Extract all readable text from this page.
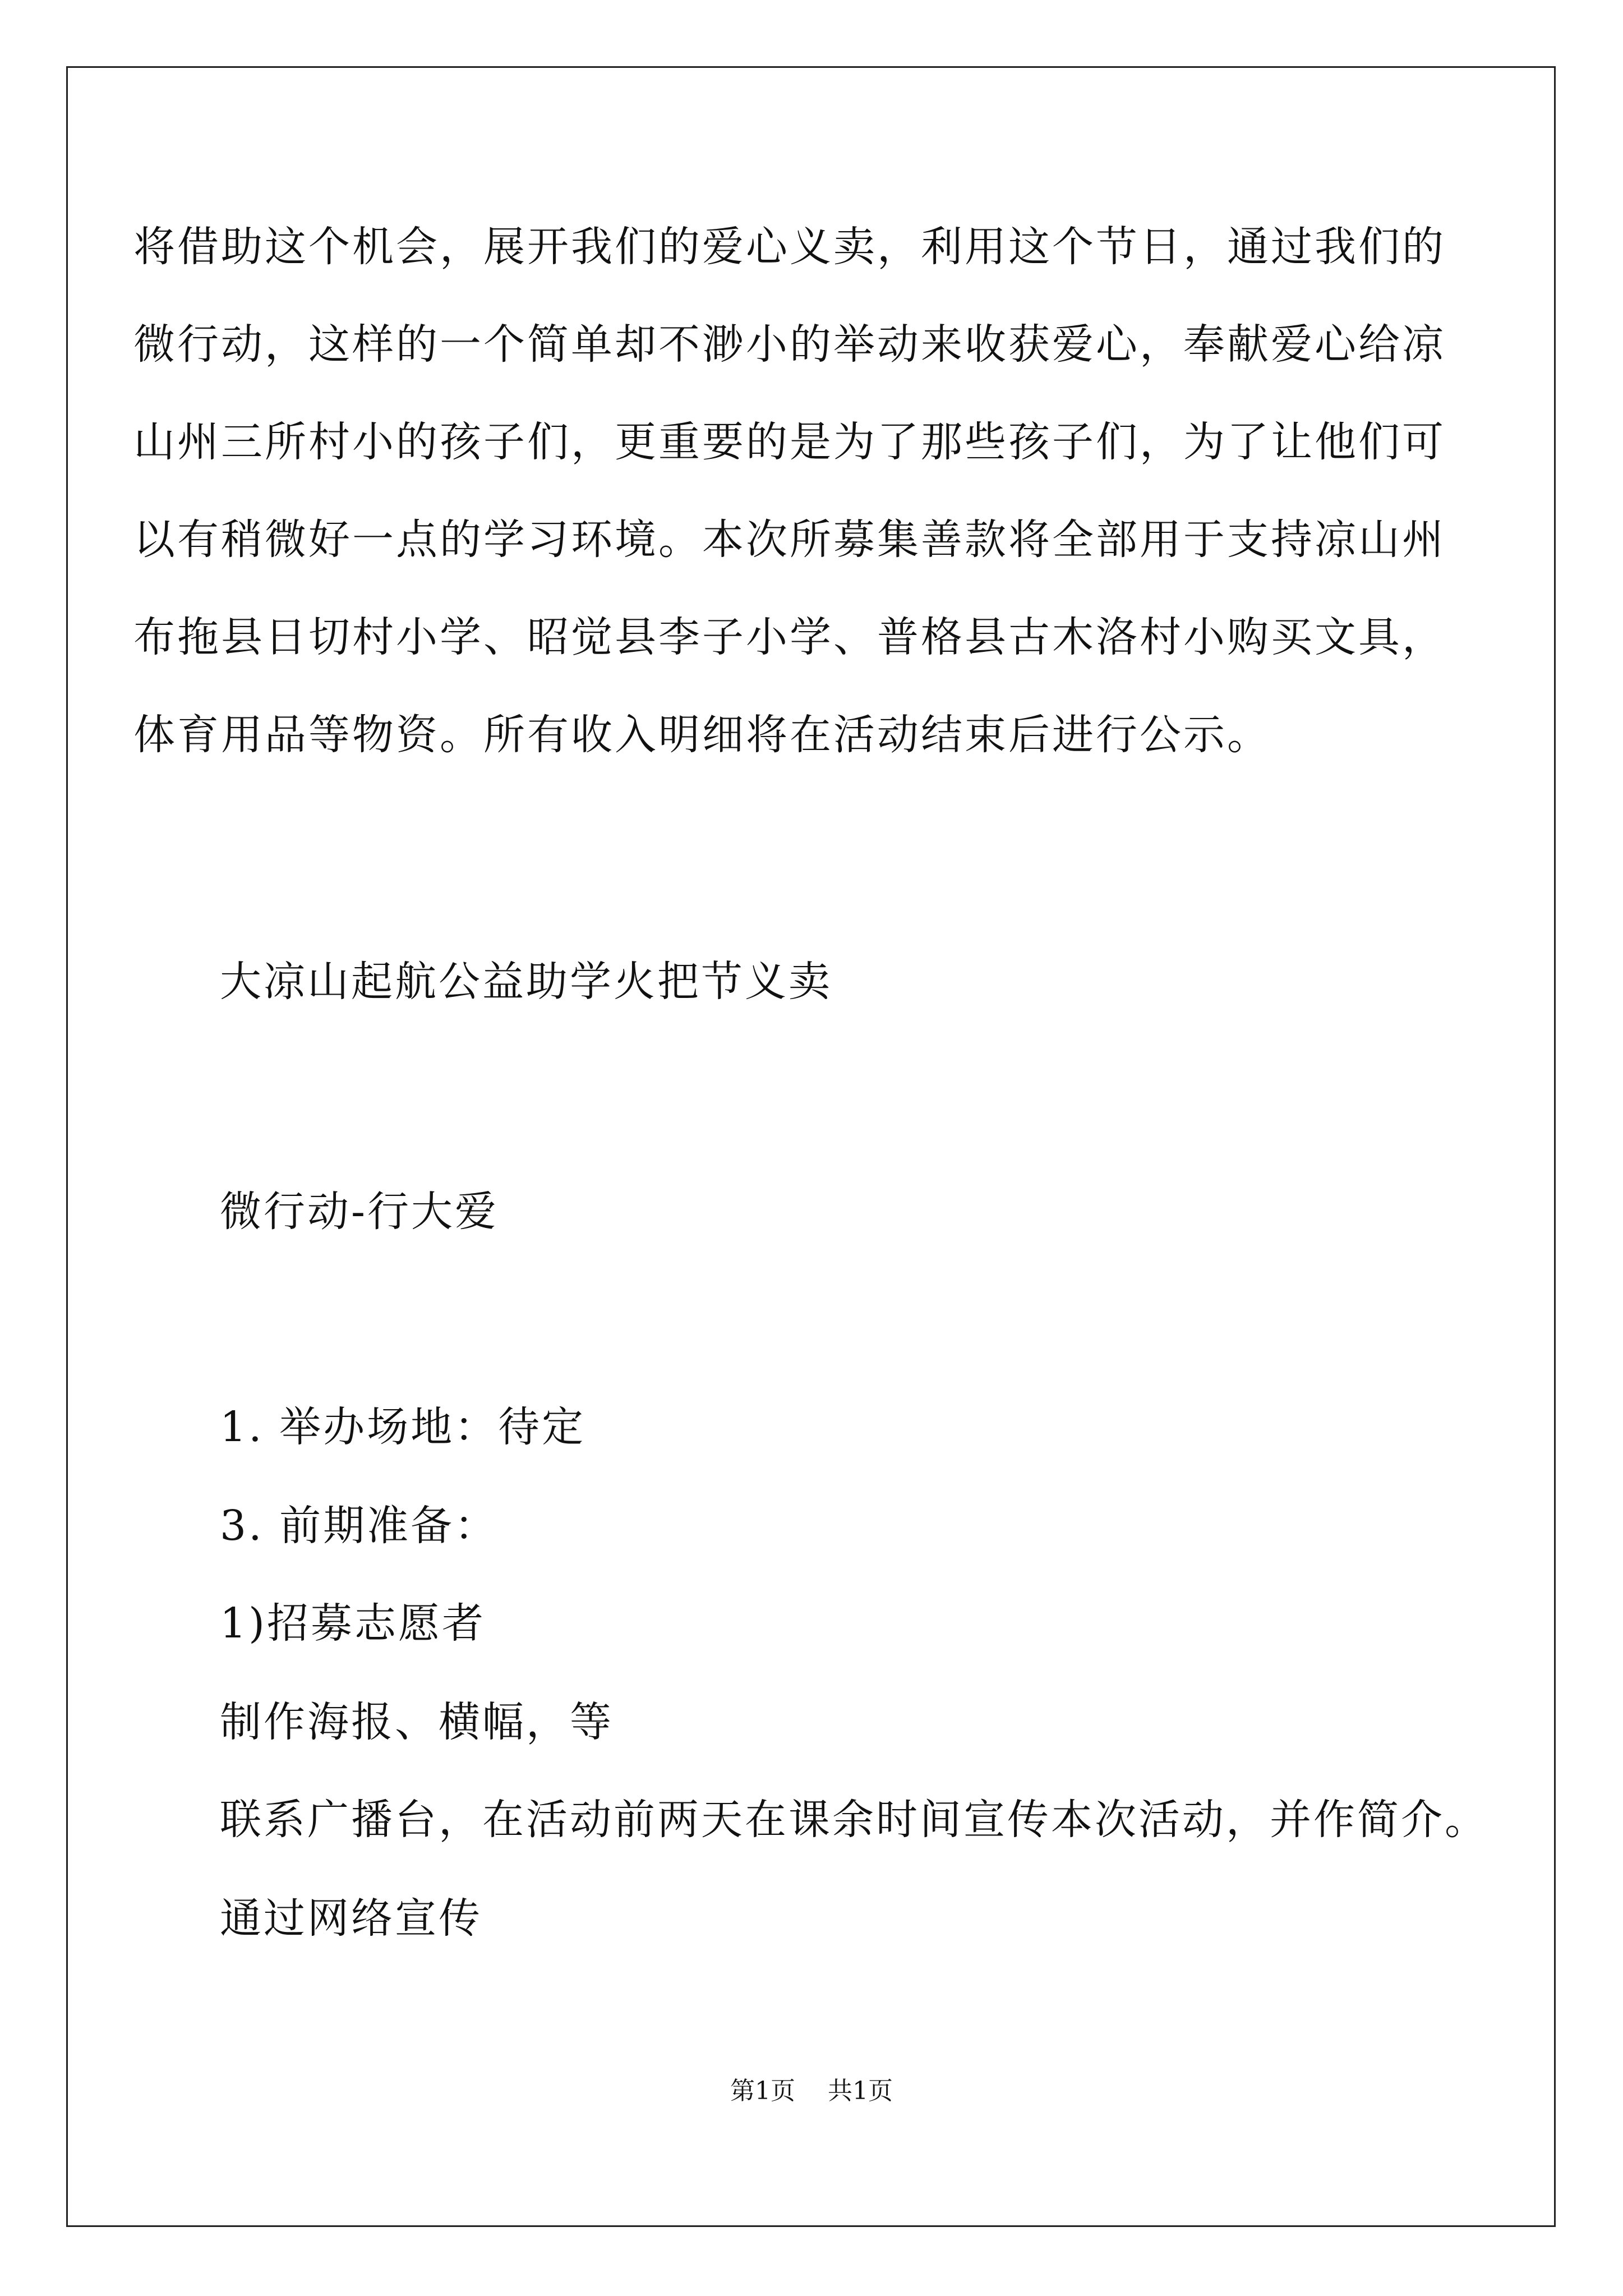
将借助这个机会，展开我们的爱心义卖，利用这个节日，通过我们的
微行动，这样的一个简单却不渺小的举动来收获爱心，奉献爱心给凉
山州三所村小的孩子们，更重要的是为了那些孩子们，为了让他们可
以有稍微好一点的学习环境。本次所募集善款将全部用于支持凉山州
布拖县日切村小学、昭觉县李子小学、普格县古木洛村小购买文具，
体育用品等物资。所有收入明细将在活动结束后进行公示。
大凉山起航公益助学火把节义卖
微行动-行大爱
1. 举办场地：待定
3. 前期准备：
1)招募志愿者
制作海报、横幅，等
联系广播台，在活动前两天在课余时间宣传本次活动，并作简介。
通过网络宣传
第1页 共1页
